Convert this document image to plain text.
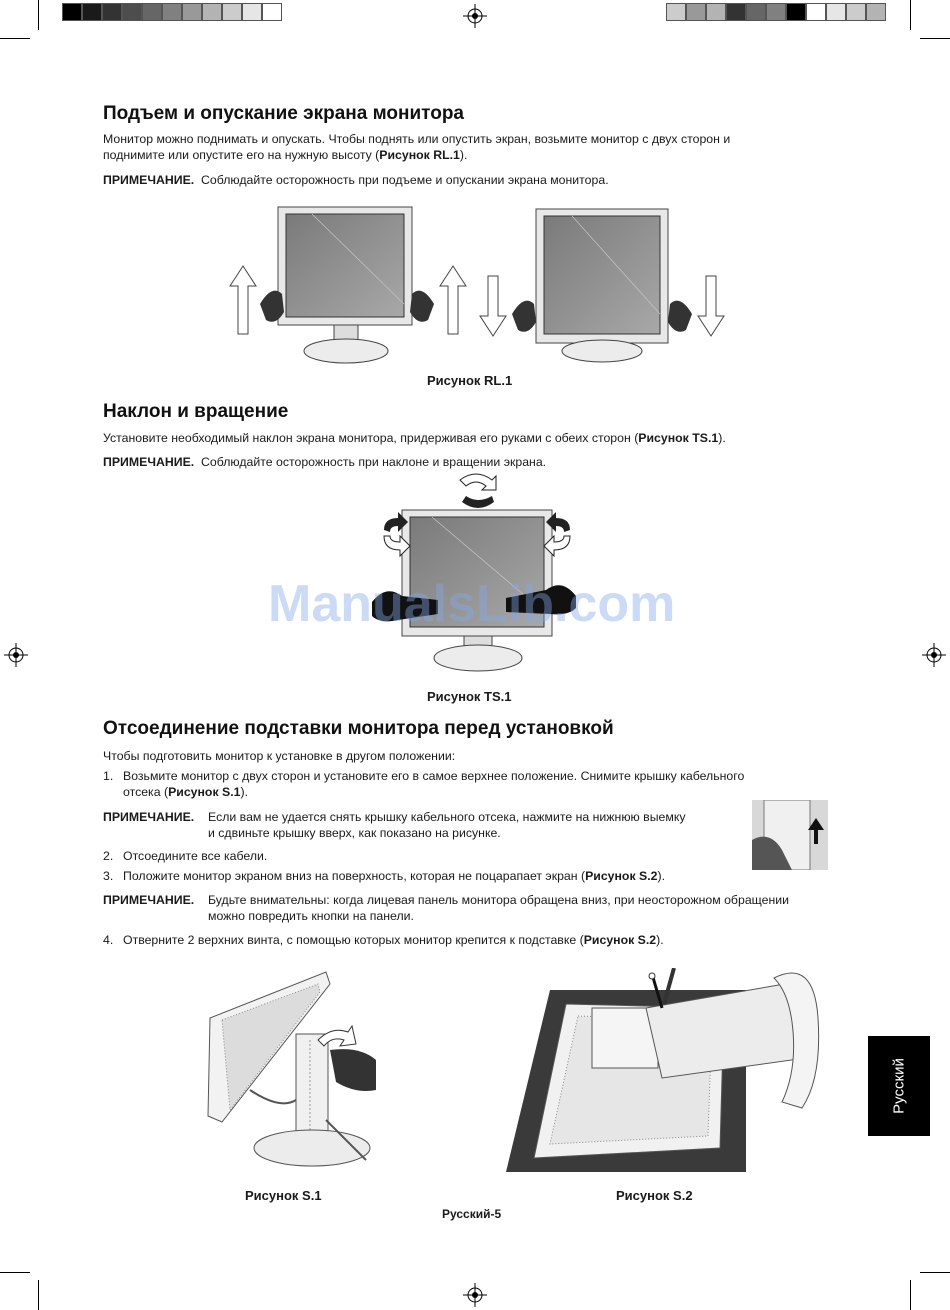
Подъем и опускание экрана монитора
Монитор можно поднимать и опускать. Чтобы поднять или опустить экран, возьмите монитор с двух сторон и
поднимите или опустите его на нужную высоту (Рисунок RL.1).
ПРИМЕЧАНИЕ. Соблюдайте осторожность при подъеме и опускании экрана монитора.
Рисунок RL.1
Наклон и вращение
Установите необходимый наклон экрана монитора, придерживая его руками с обеих сторон (Рисунок TS.1).
ПРИМЕЧАНИЕ. Соблюдайте осторожность при наклоне и вращении экрана.
Рисунок TS.1
ManualsLib.com
Отсоединение подставки монитора перед установкой
Чтобы подготовить монитор к установке в другом положении:
1. Возьмите монитор с двух сторон и установите его в самое верхнее положение. Снимите крышку кабельного
отсека (Рисунок S.1).
ПРИМЕЧАНИЕ. Если вам не удается снять крышку кабельного отсека, нажмите на нижнюю выемку
и сдвиньте крышку вверх, как показано на рисунке.
2. Отсоедините все кабели.
3. Положите монитор экраном вниз на поверхность, которая не поцарапает экран (Рисунок S.2).
ПРИМЕЧАНИЕ. Будьте внимательны: когда лицевая панель монитора обращена вниз, при неосторожном обращении
можно повредить кнопки на панели.
4. Отверните 2 верхних винта, с помощью которых монитор крепится к подставке (Рисунок S.2).
Рисунок S.1	Рисунок S.2
Русский
Русский-5
